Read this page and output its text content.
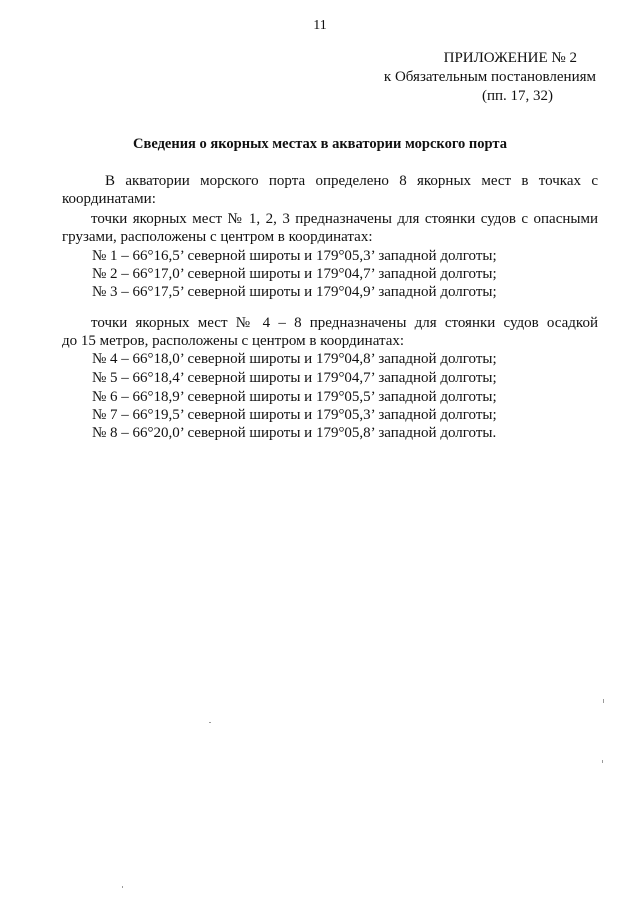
11
ПРИЛОЖЕНИЕ № 2
к Обязательным постановлениям
(пп. 17, 32)
Сведения о якорных местах в акватории морского порта
В акватории морского порта определено 8 якорных мест в точках с
координатами:
точки якорных мест № 1, 2, 3 предназначены для стоянки судов с опасными
грузами, расположены с центром в координатах:
№ 1 – 66°16,5’ северной широты и 179°05,3’ западной долготы;
№ 2 – 66°17,0’ северной широты и 179°04,7’ западной долготы;
№ 3 – 66°17,5’ северной широты и 179°04,9’ западной долготы;
точки якорных мест № 4 – 8 предназначены для стоянки судов осадкой
до 15 метров, расположены с центром в координатах:
№ 4 – 66°18,0’ северной широты и 179°04,8’ западной долготы;
№ 5 – 66°18,4’ северной широты и 179°04,7’ западной долготы;
№ 6 – 66°18,9’ северной широты и 179°05,5’ западной долготы;
№ 7 – 66°19,5’ северной широты и 179°05,3’ западной долготы;
№ 8 – 66°20,0’ северной широты и 179°05,8’ западной долготы.
